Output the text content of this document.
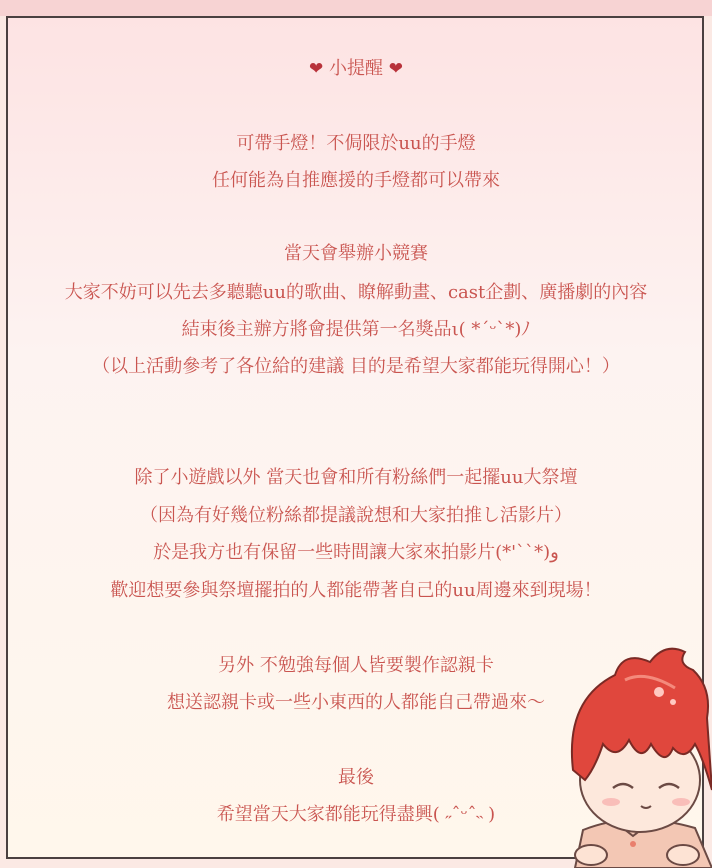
❤ 小提醒 ❤
可帶手燈！不侷限於uu的手燈
任何能為自推應援的手燈都可以帶來
當天會舉辦小競賽
大家不妨可以先去多聽聽uu的歌曲、瞭解動畫、cast企劃、廣播劇的內容
結束後主辦方將會提供第一名獎品ι( *´ᵕ`*)ﾉ
（以上活動參考了各位給的建議 目的是希望大家都能玩得開心！）
除了小遊戲以外 當天也會和所有粉絲們一起擺uu大祭壇
（因為有好幾位粉絲都提議說想和大家拍推し活影片）
於是我方也有保留一些時間讓大家來拍影片(*'ˋ`*)ﻭ
歡迎想要參與祭壇擺拍的人都能帶著自己的uu周邊來到現場！
另外 不勉強每個人皆要製作認親卡
想送認親卡或一些小東西的人都能自己帶過來～
最後
希望當天大家都能玩得盡興( ˶ˆᵕˆ˵ )
